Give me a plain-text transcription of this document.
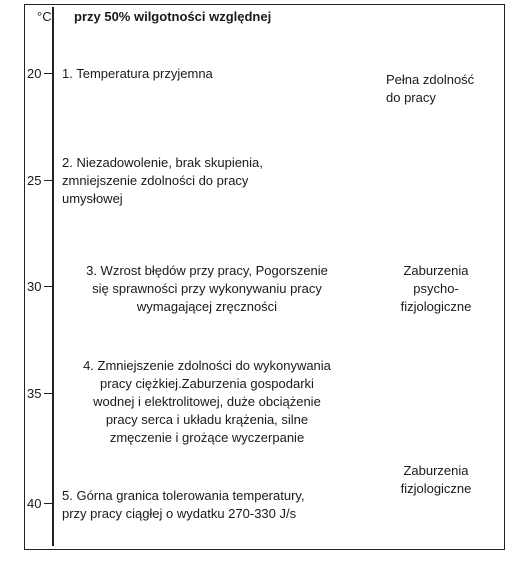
°C przy 50% wilgotności względnej
20
25
30
35
40
1. Temperatura przyjemna
2. Niezadowolenie, brak skupienia,
zmniejszenie zdolności do pracy
umysłowej
3. Wzrost błędów przy pracy, Pogorszenie
się sprawności przy wykonywaniu pracy
wymagającej zręczności
4. Zmniejszenie zdolności do wykonywania
pracy ciężkiej.Zaburzenia gospodarki
wodnej i elektrolitowej, duże obciążenie
pracy serca i układu krążenia, silne
zmęczenie i grożące wyczerpanie
5. Górna granica tolerowania temperatury,
przy pracy ciągłej o wydatku 270-330 J/s
Pełna zdolność
do pracy
Zaburzenia
psycho-
fizjologiczne
Zaburzenia
fizjologiczne
